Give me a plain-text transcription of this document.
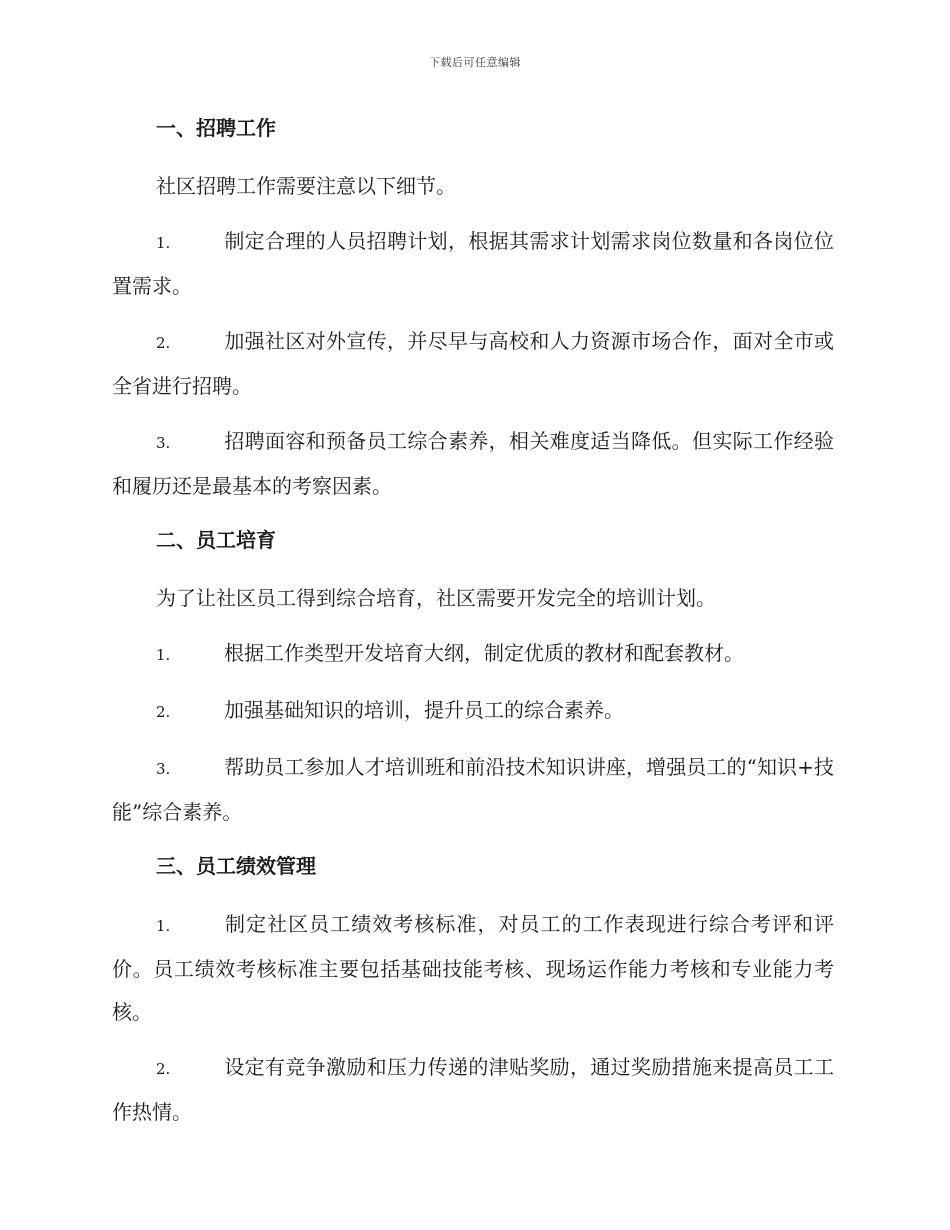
下载后可任意编辑

一、招聘工作

社区招聘工作需要注意以下细节。

1.	制定合理的人员招聘计划，根据其需求计划需求岗位数量和各岗位位置需求。

2.	加强社区对外宣传，并尽早与高校和人力资源市场合作，面对全市或全省进行招聘。

3.	招聘面容和预备员工综合素养，相关难度适当降低。但实际工作经验和履历还是最基本的考察因素。

二、员工培育

为了让社区员工得到综合培育，社区需要开发完全的培训计划。

1.	根据工作类型开发培育大纲，制定优质的教材和配套教材。

2.	加强基础知识的培训，提升员工的综合素养。

3.	帮助员工参加人才培训班和前沿技术知识讲座，增强员工的“知识+技能”综合素养。

三、员工绩效管理

1.	制定社区员工绩效考核标准，对员工的工作表现进行综合考评和评价。员工绩效考核标准主要包括基础技能考核、现场运作能力考核和专业能力考核。

2.	设定有竞争激励和压力传递的津贴奖励，通过奖励措施来提高员工工作热情。
